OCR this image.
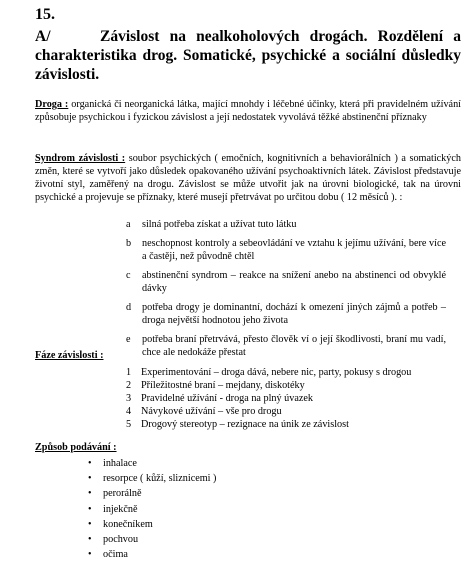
15.
A/	Závislost na nealkoholových drogách. Rozdělení a charakteristika drog. Somatické, psychické a sociální důsledky závislosti.
Droga : organická či neorganická látka, mající mnohdy i léčebné účinky, která při pravidelném užívání způsobuje psychickou i fyzickou závislost a její nedostatek vyvolává těžké abstinenční příznaky
Syndrom závislosti : soubor psychických ( emočních, kognitivních a behaviorálních ) a somatických změn, které se vytvoří jako důsledek opakovaného užívání psychoaktivních látek. Závislost představuje životní styl, zaměřený na drogu. Závislost se může utvořit jak na úrovni biologické, tak na úrovni psychické a projevuje se příznaky, které musejí přetrvávat po určitou dobu ( 12 měsíců ). :
a silná potřeba získat a užívat tuto látku
b neschopnost kontroly a sebeovládání ve vztahu k jejímu užívání, bere více a častěji, než původně chtěl
c abstinenční syndrom – reakce na snížení anebo na abstinenci od obvyklé dávky
d potřeba drogy je dominantní, dochází k omezení jiných zájmů a potřeb – droga největší hodnotou jeho života
e potřeba braní přetrvává, přesto člověk ví o její škodlivosti, braní mu vadí, chce ale nedokáže přestat
Fáze závislosti :
1 Experimentování – droga dává, nebere nic, party, pokusy s drogou
2 Příležitostné braní – mejdany, diskotéky
3 Pravidelné užívání - droga na plný úvazek
4 Návykové užívání – vše pro drogu
5 Drogový stereotyp – rezignace na únik ze závislost
Způsob podávání :
• inhalace
• resorpce ( kůží, sliznicemi )
• perorálně
• injekčně
• konečníkem
• pochvou
• očima
